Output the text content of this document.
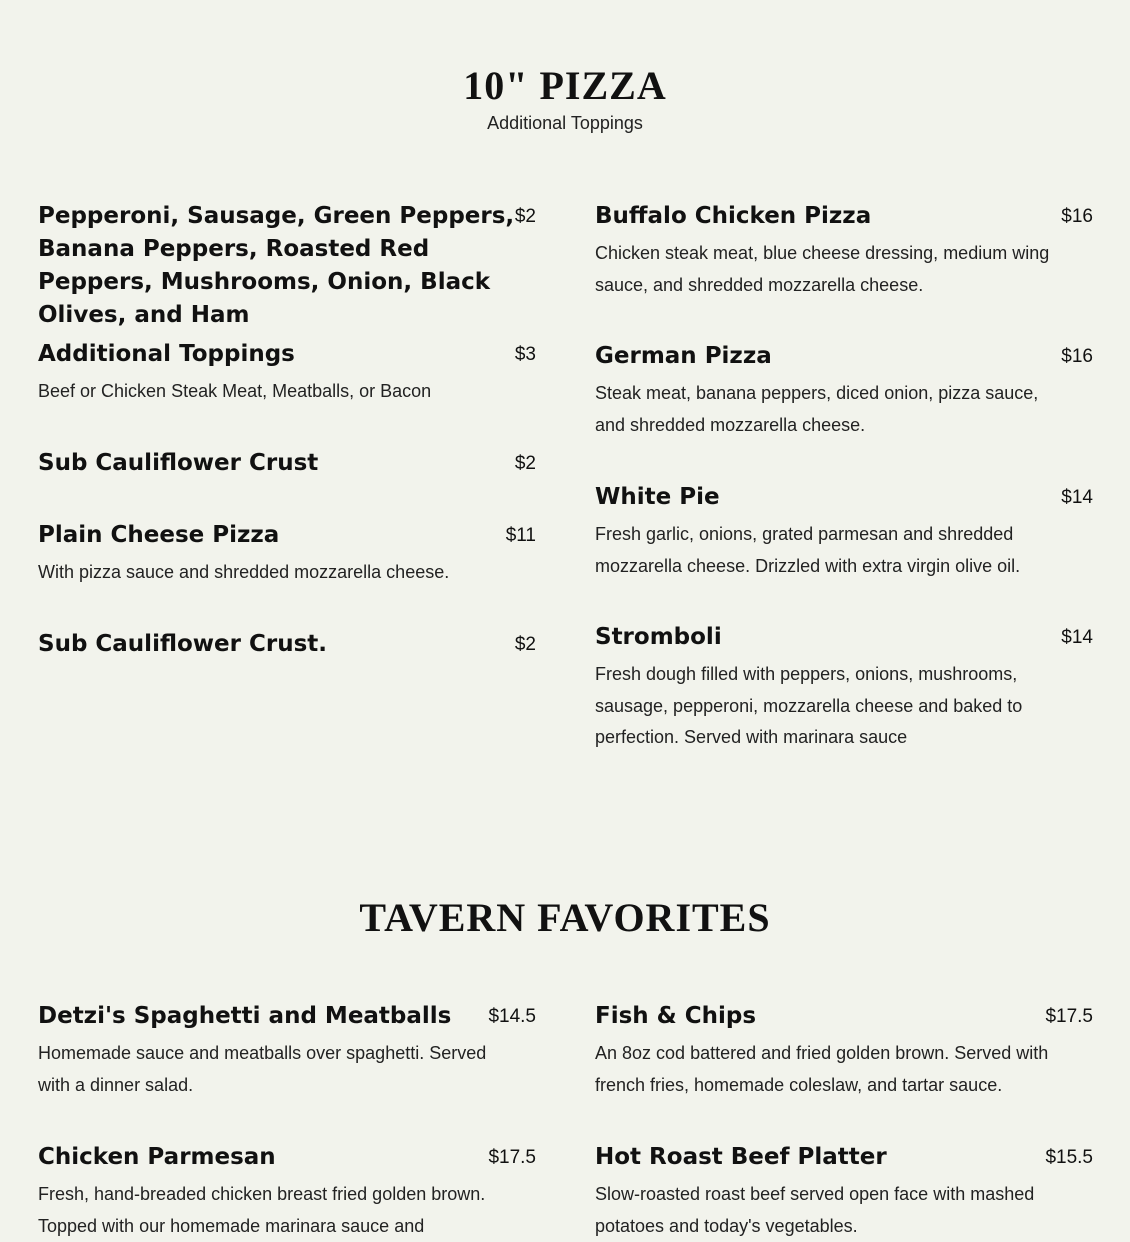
10" PIZZA
Additional Toppings
Pepperoni, Sausage, Green Peppers, Banana Peppers, Roasted Red Peppers, Mushrooms, Onion, Black Olives, and Ham
$2
Additional Toppings	$3
Beef or Chicken Steak Meat, Meatballs, or Bacon
Sub Cauliflower Crust	$2
Plain Cheese Pizza	$11
With pizza sauce and shredded mozzarella cheese.
Sub Cauliflower Crust.	$2
Buffalo Chicken Pizza	$16
Chicken steak meat, blue cheese dressing, medium wing sauce, and shredded mozzarella cheese.
German Pizza	$16
Steak meat, banana peppers, diced onion, pizza sauce, and shredded mozzarella cheese.
White Pie	$14
Fresh garlic, onions, grated parmesan and shredded mozzarella cheese. Drizzled with extra virgin olive oil.
Stromboli	$14
Fresh dough filled with peppers, onions, mushrooms, sausage, pepperoni, mozzarella cheese and baked to perfection. Served with marinara sauce
TAVERN FAVORITES
Detzi's Spaghetti and Meatballs	$14.5
Homemade sauce and meatballs over spaghetti. Served with a dinner salad.
Chicken Parmesan	$17.5
Fresh, hand-breaded chicken breast fried golden brown. Topped with our homemade marinara sauce and
Fish & Chips	$17.5
An 8oz cod battered and fried golden brown. Served with french fries, homemade coleslaw, and tartar sauce.
Hot Roast Beef Platter	$15.5
Slow-roasted roast beef served open face with mashed potatoes and today's vegetables.
